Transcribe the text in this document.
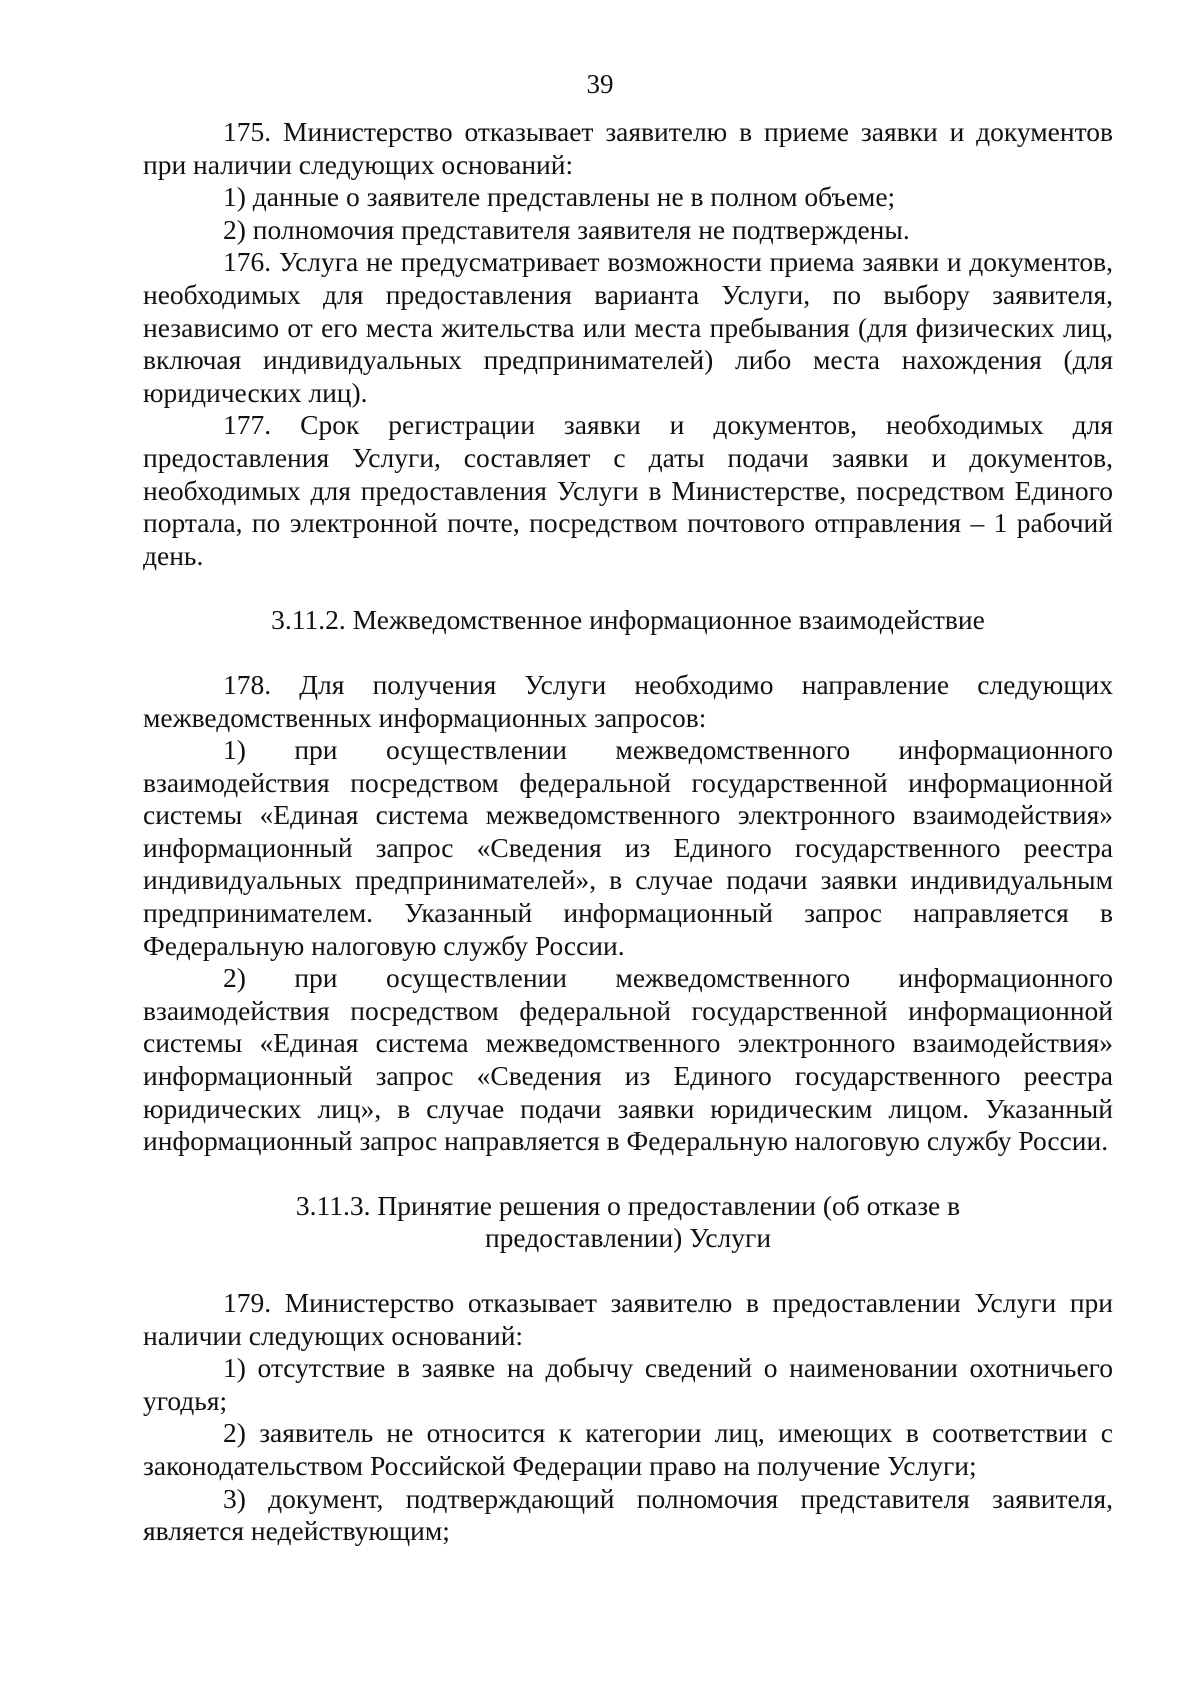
39

175. Министерство отказывает заявителю в приеме заявки и документов при наличии следующих оснований:

1) данные о заявителе представлены не в полном объеме;

2) полномочия представителя заявителя не подтверждены.

176. Услуга не предусматривает возможности приема заявки и документов, необходимых для предоставления варианта Услуги, по выбору заявителя, независимо от его места жительства или места пребывания (для физических лиц, включая индивидуальных предпринимателей) либо места нахождения (для юридических лиц).

177. Срок регистрации заявки и документов, необходимых для предоставления Услуги, составляет с даты подачи заявки и документов, необходимых для предоставления Услуги в Министерстве, посредством Единого портала, по электронной почте, посредством почтового отправления – 1 рабочий день.

3.11.2. Межведомственное информационное взаимодействие

178. Для получения Услуги необходимо направление следующих межведомственных информационных запросов:

1) при осуществлении межведомственного информационного взаимодействия посредством федеральной государственной информационной системы «Единая система межведомственного электронного взаимодействия» информационный запрос «Сведения из Единого государственного реестра индивидуальных предпринимателей», в случае подачи заявки индивидуальным предпринимателем. Указанный информационный запрос направляется в Федеральную налоговую службу России.

2) при осуществлении межведомственного информационного взаимодействия посредством федеральной государственной информационной системы «Единая система межведомственного электронного взаимодействия» информационный запрос «Сведения из Единого государственного реестра юридических лиц», в случае подачи заявки юридическим лицом. Указанный информационный запрос направляется в Федеральную налоговую службу России.

3.11.3. Принятие решения о предоставлении (об отказе в предоставлении) Услуги

179. Министерство отказывает заявителю в предоставлении Услуги при наличии следующих оснований:

1) отсутствие в заявке на добычу сведений о наименовании охотничьего угодья;

2) заявитель не относится к категории лиц, имеющих в соответствии с законодательством Российской Федерации право на получение Услуги;

3) документ, подтверждающий полномочия представителя заявителя, является недействующим;
